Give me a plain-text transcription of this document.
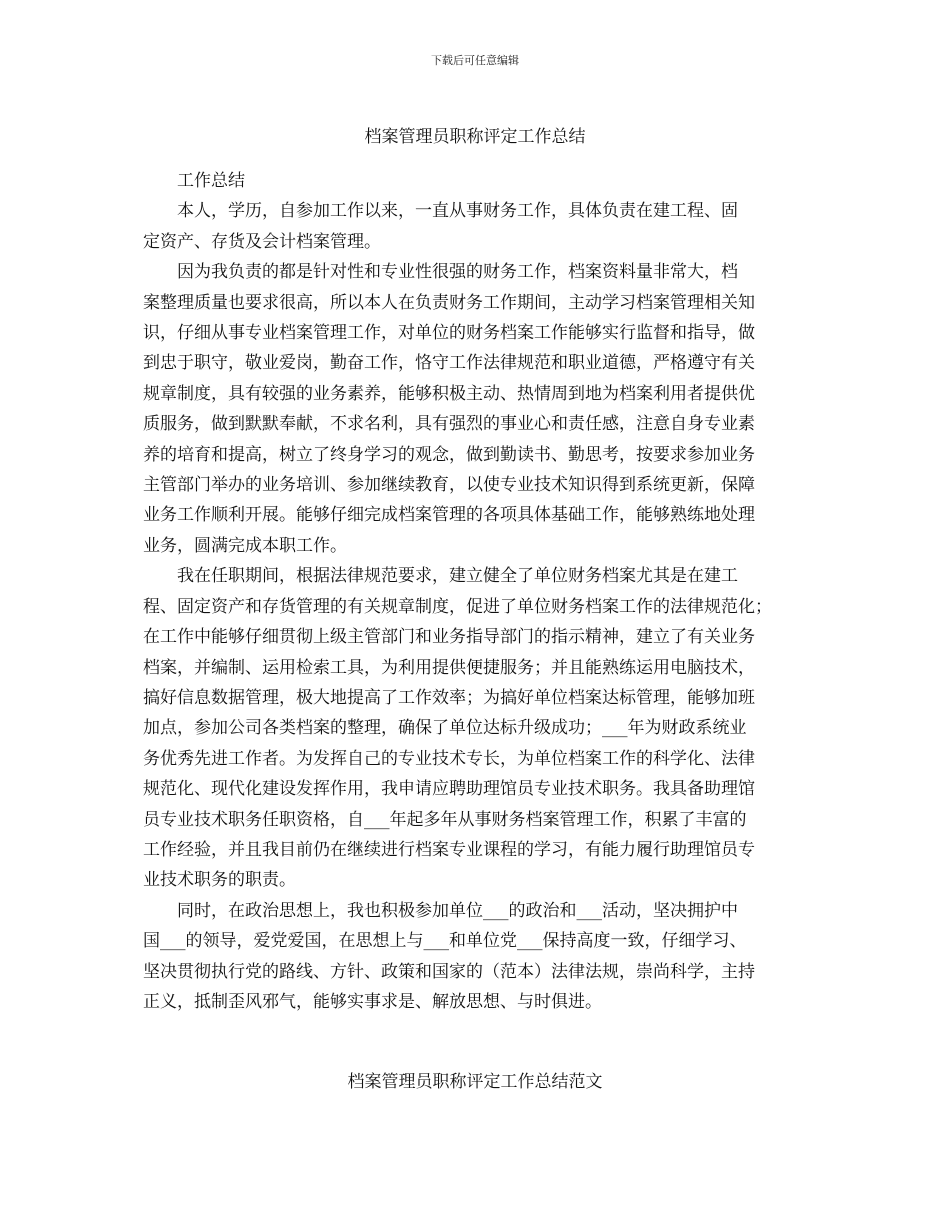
下载后可任意编辑
档案管理员职称评定工作总结

工作总结

本人，学历，自参加工作以来，一直从事财务工作，具体负责在建工程、固
定资产、存货及会计档案管理。

因为我负责的都是针对性和专业性很强的财务工作，档案资料量非常大，档
案整理质量也要求很高，所以本人在负责财务工作期间，主动学习档案管理相关知
识，仔细从事专业档案管理工作，对单位的财务档案工作能够实行监督和指导，做
到忠于职守，敬业爱岗，勤奋工作，恪守工作法律规范和职业道德，严格遵守有关
规章制度，具有较强的业务素养，能够积极主动、热情周到地为档案利用者提供优
质服务，做到默默奉献，不求名利，具有强烈的事业心和责任感，注意自身专业素
养的培育和提高，树立了终身学习的观念，做到勤读书、勤思考，按要求参加业务
主管部门举办的业务培训、参加继续教育，以使专业技术知识得到系统更新，保障
业务工作顺利开展。能够仔细完成档案管理的各项具体基础工作，能够熟练地处理
业务，圆满完成本职工作。

我在任职期间，根据法律规范要求，建立健全了单位财务档案尤其是在建工
程、固定资产和存货管理的有关规章制度，促进了单位财务档案工作的法律规范化；
在工作中能够仔细贯彻上级主管部门和业务指导部门的指示精神，建立了有关业务
档案，并编制、运用检索工具，为利用提供便捷服务；并且能熟练运用电脑技术，
搞好信息数据管理，极大地提高了工作效率；为搞好单位档案达标管理，能够加班
加点，参加公司各类档案的整理，确保了单位达标升级成功；___年为财政系统业
务优秀先进工作者。为发挥自己的专业技术专长，为单位档案工作的科学化、法律
规范化、现代化建设发挥作用，我申请应聘助理馆员专业技术职务。我具备助理馆
员专业技术职务任职资格，自___年起多年从事财务档案管理工作，积累了丰富的
工作经验，并且我目前仍在继续进行档案专业课程的学习，有能力履行助理馆员专
业技术职务的职责。

同时，在政治思想上，我也积极参加单位___的政治和___活动，坚决拥护中
国___的领导，爱党爱国，在思想上与___和单位党___保持高度一致，仔细学习、
坚决贯彻执行党的路线、方针、政策和国家的（范本）法律法规，崇尚科学，主持
正义，抵制歪风邪气，能够实事求是、解放思想、与时俱进。

档案管理员职称评定工作总结范文
